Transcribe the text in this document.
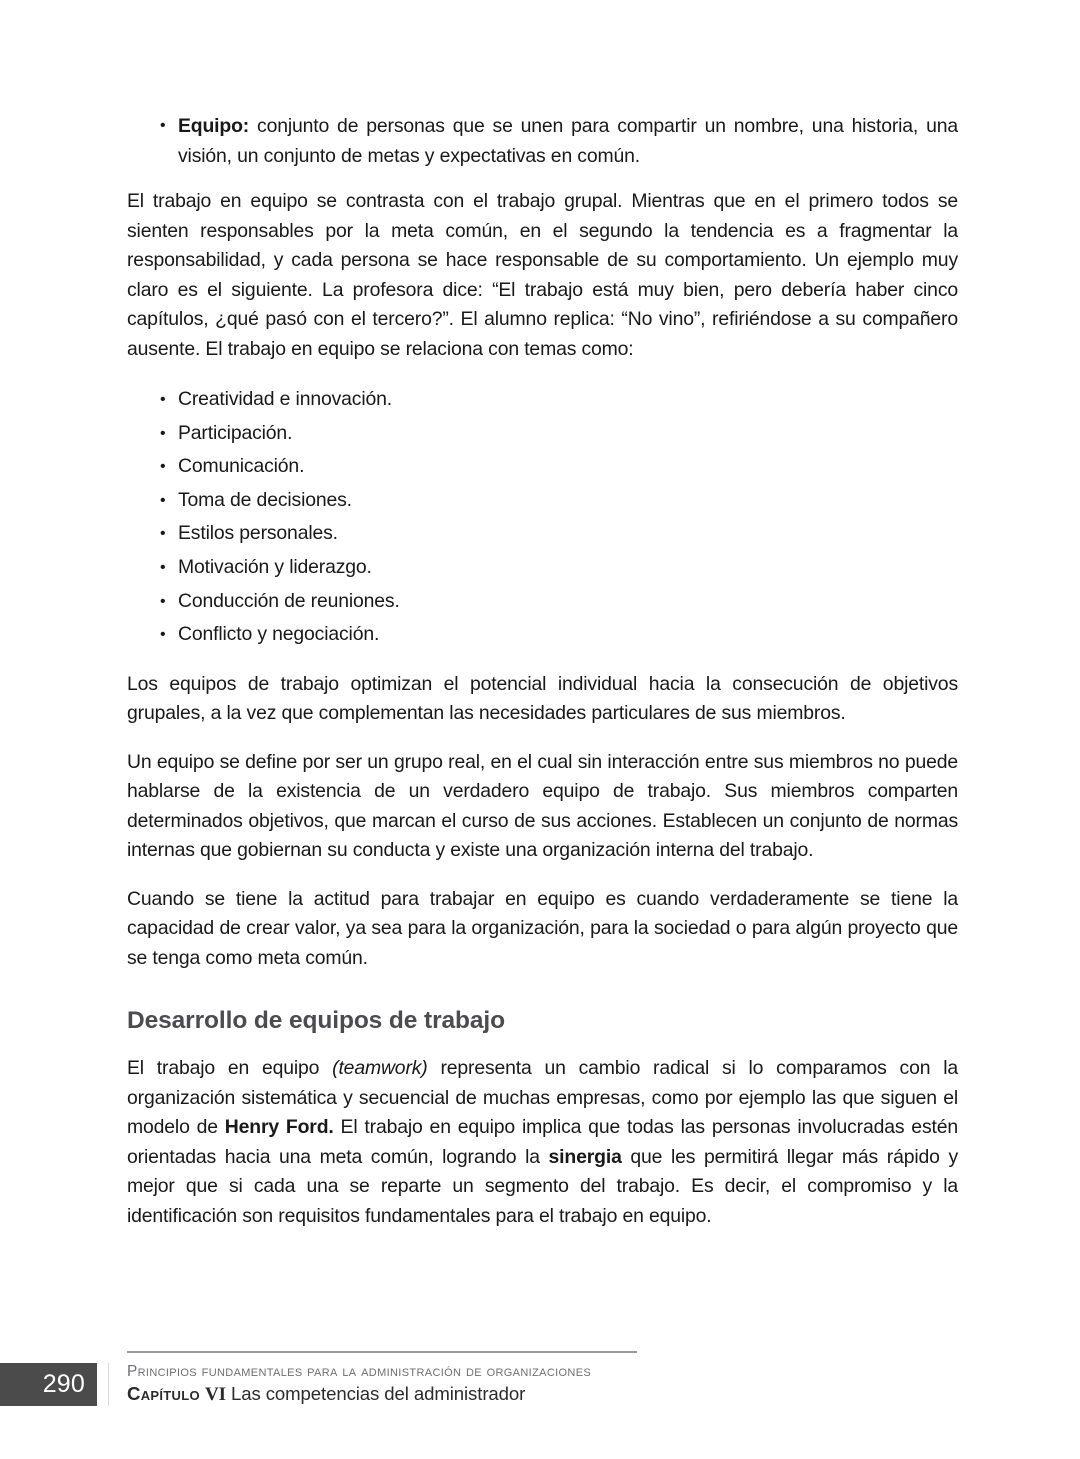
• Equipo: conjunto de personas que se unen para compartir un nombre, una historia, una visión, un conjunto de metas y expectativas en común.

El trabajo en equipo se contrasta con el trabajo grupal. Mientras que en el primero todos se sienten responsables por la meta común, en el segundo la tendencia es a fragmentar la responsabilidad, y cada persona se hace responsable de su comportamiento. Un ejemplo muy claro es el siguiente. La profesora dice: “El trabajo está muy bien, pero debería haber cinco capítulos, ¿qué pasó con el tercero?”. El alumno replica: “No vino”, refiriéndose a su compañero ausente. El trabajo en equipo se relaciona con temas como:

• Creatividad e innovación.
• Participación.
• Comunicación.
• Toma de decisiones.
• Estilos personales.
• Motivación y liderazgo.
• Conducción de reuniones.
• Conflicto y negociación.

Los equipos de trabajo optimizan el potencial individual hacia la consecución de objetivos grupales, a la vez que complementan las necesidades particulares de sus miembros.

Un equipo se define por ser un grupo real, en el cual sin interacción entre sus miembros no puede hablarse de la existencia de un verdadero equipo de trabajo. Sus miembros comparten determinados objetivos, que marcan el curso de sus acciones. Establecen un conjunto de normas internas que gobiernan su conducta y existe una organización interna del trabajo.

Cuando se tiene la actitud para trabajar en equipo es cuando verdaderamente se tiene la capacidad de crear valor, ya sea para la organización, para la sociedad o para algún proyecto que se tenga como meta común.

Desarrollo de equipos de trabajo

El trabajo en equipo (teamwork) representa un cambio radical si lo comparamos con la organización sistemática y secuencial de muchas empresas, como por ejemplo las que siguen el modelo de Henry Ford. El trabajo en equipo implica que todas las personas involucradas estén orientadas hacia una meta común, logrando la sinergia que les permitirá llegar más rápido y mejor que si cada una se reparte un segmento del trabajo. Es decir, el compromiso y la identificación son requisitos fundamentales para el trabajo en equipo.

290	Principios fundamentales para la administración de organizaciones
Capítulo VI Las competencias del administrador
